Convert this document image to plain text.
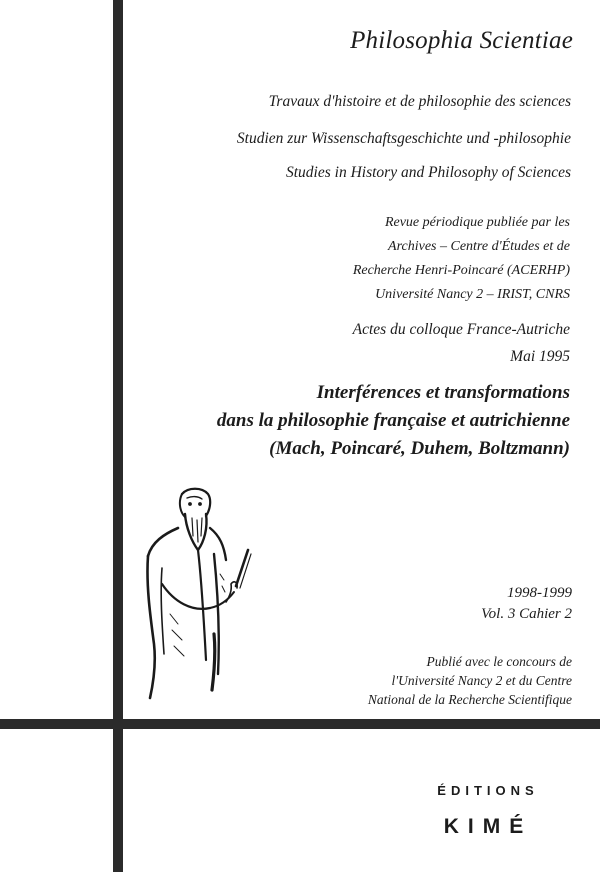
Philosophia Scientiae
Travaux d'histoire et de philosophie des sciences
Studien zur Wissenschaftsgeschichte und -philosophie
Studies in History and Philosophy of Sciences
Revue périodique publiée par les
Archives – Centre d'Études et de
Recherche Henri-Poincaré (ACERHP)
Université Nancy 2 – IRIST, CNRS
Actes du colloque France-Autriche
Mai 1995
Interférences et transformations
dans la philosophie française et autrichienne
(Mach, Poincaré, Duhem, Boltzmann)
1998-1999
Vol. 3 Cahier 2
Publié avec le concours de
l'Université Nancy 2 et du Centre
National de la Recherche Scientifique
ÉDITIONS
KIMÉ
